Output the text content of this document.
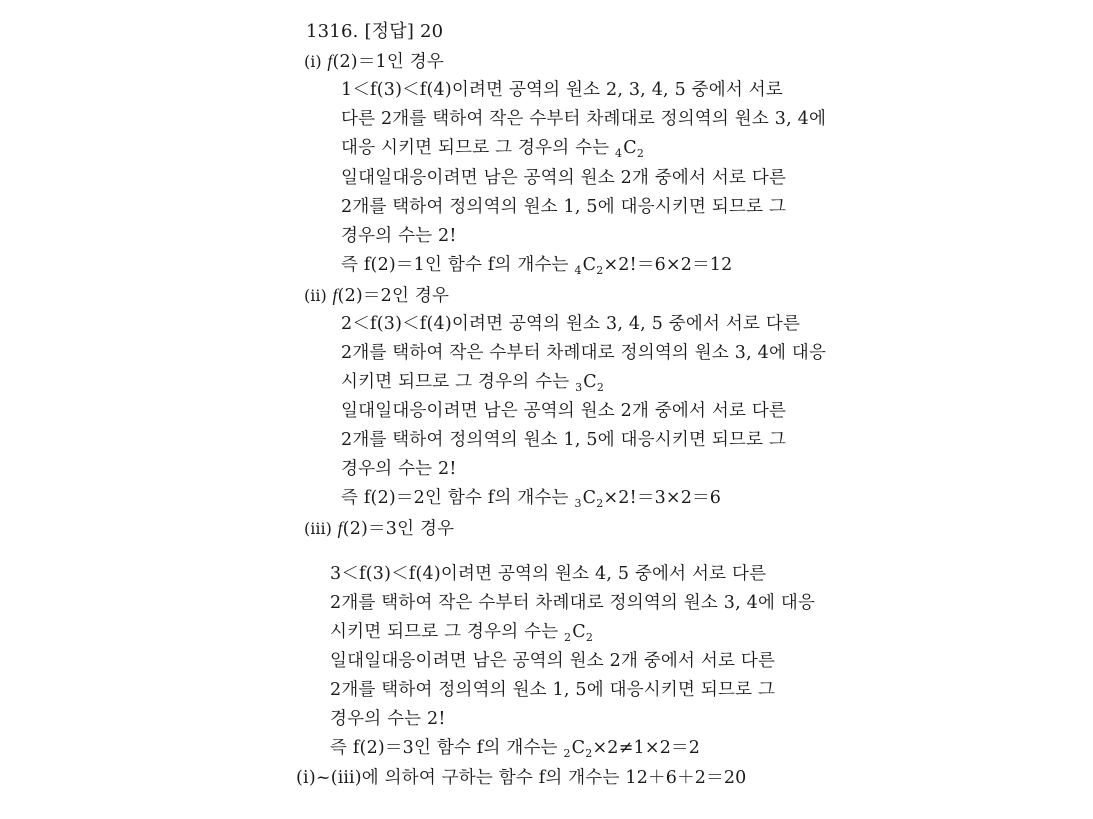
1316. [정답] 20
(ⅰ) f(2)＝1인 경우
1＜f(3)＜f(4)이려면 공역의 원소 2, 3, 4, 5 중에서 서로
다른 2개를 택하여 작은 수부터 차례대로 정의역의 원소 3, 4에
대응 시키면 되므로 그 경우의 수는 $_4C_2$
일대일대응이려면 남은 공역의 원소 2개 중에서 서로 다른
2개를 택하여 정의역의 원소 1, 5에 대응시키면 되므로 그
경우의 수는 2!
즉 f(2)＝1인 함수 f의 개수는 $_4C_2\times 2!=6\times 2=12$
(ⅱ) f(2)＝2인 경우
2＜f(3)＜f(4)이려면 공역의 원소 3, 4, 5 중에서 서로 다른
2개를 택하여 작은 수부터 차례대로 정의역의 원소 3, 4에 대응
시키면 되므로 그 경우의 수는 $_3C_2$
일대일대응이려면 남은 공역의 원소 2개 중에서 서로 다른
2개를 택하여 정의역의 원소 1, 5에 대응시키면 되므로 그
경우의 수는 2!
즉 f(2)＝2인 함수 f의 개수는 $_3C_2\times 2!=3\times 2=6$
(ⅲ) f(2)＝3인 경우
3＜f(3)＜f(4)이려면 공역의 원소 4, 5 중에서 서로 다른
2개를 택하여 작은 수부터 차례대로 정의역의 원소 3, 4에 대응
시키면 되므로 그 경우의 수는 $_2C_2$
일대일대응이려면 남은 공역의 원소 2개 중에서 서로 다른
2개를 택하여 정의역의 원소 1, 5에 대응시키면 되므로 그
경우의 수는 2!
즉 f(2)＝3인 함수 f의 개수는 $_2C_2\times 2\ne 1\times 2=2$
(ⅰ)~(ⅲ)에 의하여 구하는 함수 f의 개수는 12＋6＋2＝20
